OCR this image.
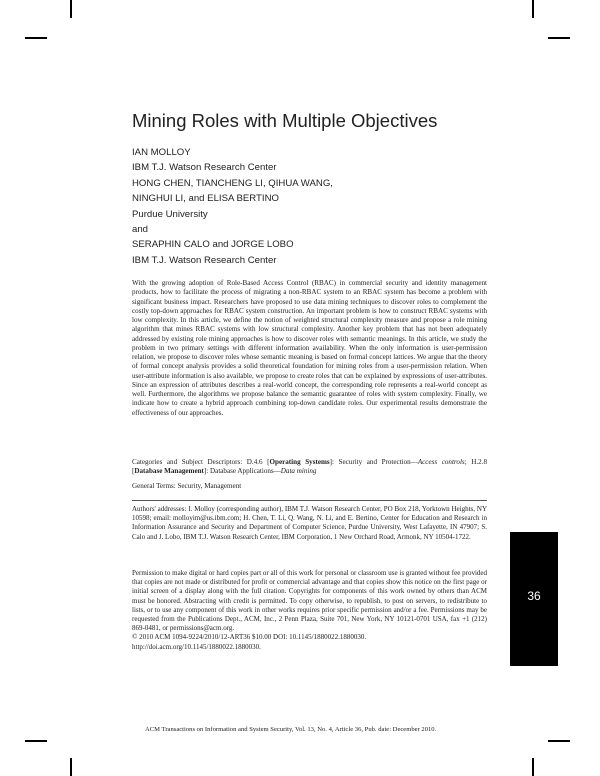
Mining Roles with Multiple Objectives
IAN MOLLOY
IBM T.J. Watson Research Center
HONG CHEN, TIANCHENG LI, QIHUA WANG,
NINGHUI LI, and ELISA BERTINO
Purdue University
and
SERAPHIN CALO and JORGE LOBO
IBM T.J. Watson Research Center

With the growing adoption of Role-Based Access Control (RBAC) in commercial security and identity management products, how to facilitate the process of migrating a non-RBAC system to an RBAC system has become a problem with significant business impact. Researchers have proposed to use data mining techniques to discover roles to complement the costly top-down approaches for RBAC system construction. An important problem is how to construct RBAC systems with low complexity. In this article, we define the notion of weighted structural complexity measure and propose a role mining algorithm that mines RBAC systems with low structural complexity. Another key problem that has not been adequately addressed by existing role mining approaches is how to discover roles with semantic meanings. In this article, we study the problem in two primary settings with different information availability. When the only information is user-permission relation, we propose to discover roles whose semantic meaning is based on formal concept lattices. We argue that the theory of formal concept analysis provides a solid theoretical foundation for mining roles from a user-permission relation. When user-attribute information is also available, we propose to create roles that can be explained by expressions of user-attributes. Since an expression of attributes describes a real-world concept, the corresponding role represents a real-world concept as well. Furthermore, the algorithms we propose balance the semantic guarantee of roles with system complexity. Finally, we indicate how to create a hybrid approach combining top-down candidate roles. Our experimental results demonstrate the effectiveness of our approaches.

Categories and Subject Descriptors: D.4.6 [Operating Systems]: Security and Protection—Access controls; H.2.8 [Database Management]: Database Applications—Data mining
General Terms: Security, Management
Authors' addresses: I. Molloy (corresponding author), IBM T.J. Watson Research Center, PO Box 218, Yorktown Heights, NY 10598; email: molloyim@us.ibm.com; H. Chen, T. Li, Q. Wang, N. Li, and E. Bertino, Center for Education and Research in Information Assurance and Security and Department of Computer Science, Purdue University, West Lafayette, IN 47907; S. Calo and J. Lobo, IBM T.J. Watson Research Center, IBM Corporation, 1 New Orchard Road, Armonk, NY 10504-1722.
Permission to make digital or hard copies part or all of this work for personal or classroom use is granted without fee provided that copies are not made or distributed for profit or commercial advantage and that copies show this notice on the first page or initial screen of a display along with the full citation. Copyrights for components of this work owned by others than ACM must be honored. Abstracting with credit is permitted. To copy otherwise, to republish, to post on servers, to redistribute to lists, or to use any component of this work in other works requires prior specific permission and/or a fee. Permissions may be requested from the Publications Dept., ACM, Inc., 2 Penn Plaza, Suite 701, New York, NY 10121-0701 USA, fax +1 (212) 869-0481, or permissions@acm.org.
© 2010 ACM 1094-9224/2010/12-ART36 $10.00 DOI: 10.1145/1880022.1880030.
http://doi.acm.org/10.1145/1880022.1880030.
ACM Transactions on Information and System Security, Vol. 13, No. 4, Article 36, Pub. date: December 2010.
36
